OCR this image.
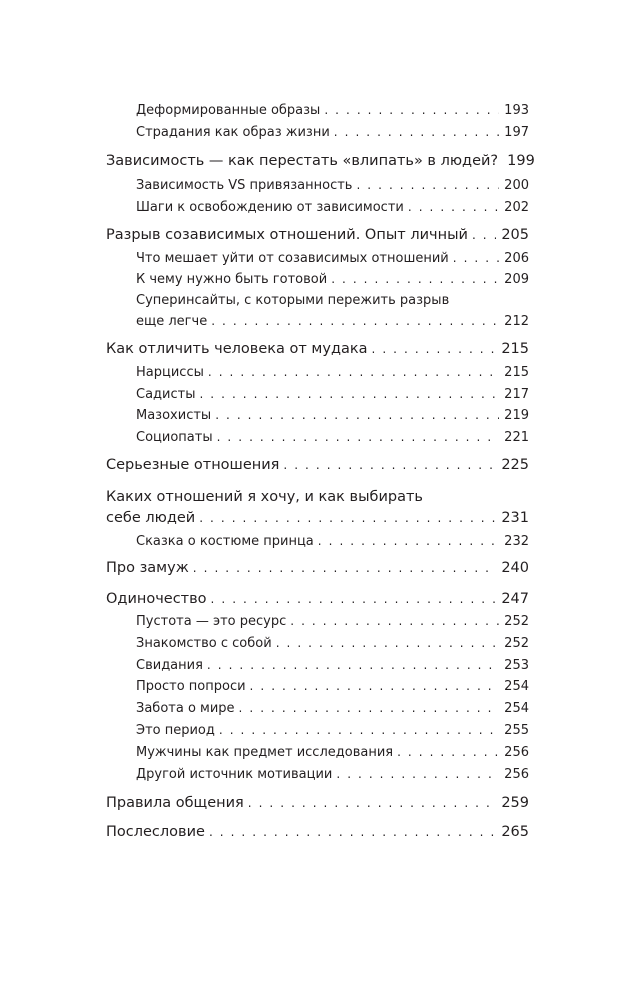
Деформированные образы . . .	193
Страдания как образ жизни . . .	197
Зависимость — как перестать «влипать» в людей? 199
Зависимость VS привязанность . . .	200
Шаги к освобождению от зависимости . . .	202
Разрыв созависимых отношений. Опыт личный . . . 205
Что мешает уйти от созависимых отношений . . .	206
К чему нужно быть готовой . . .	209
Суперинсайты, с которыми пережить разрыв
еще легче . . .	212
Как отличить человека от мудака . . .	215
Нарциссы . . .	215
Садисты . . .	217
Мазохисты . . .	219
Социопаты . . .	221
Серьезные отношения . . .	225
Каких отношений я хочу, и как выбирать
себе людей . . .	231
Сказка о костюме принца . . .	232
Про замуж . . .	240
Одиночество . . .	247
Пустота — это ресурс . . .	252
Знакомство с собой . . .	252
Свидания . . .	253
Просто попроси . . .	254
Забота о мире . . .	254
Это период . . .	255
Мужчины как предмет исследования . . .	256
Другой источник мотивации . . .	256
Правила общения . . .	259
Послесловие . . .	265
